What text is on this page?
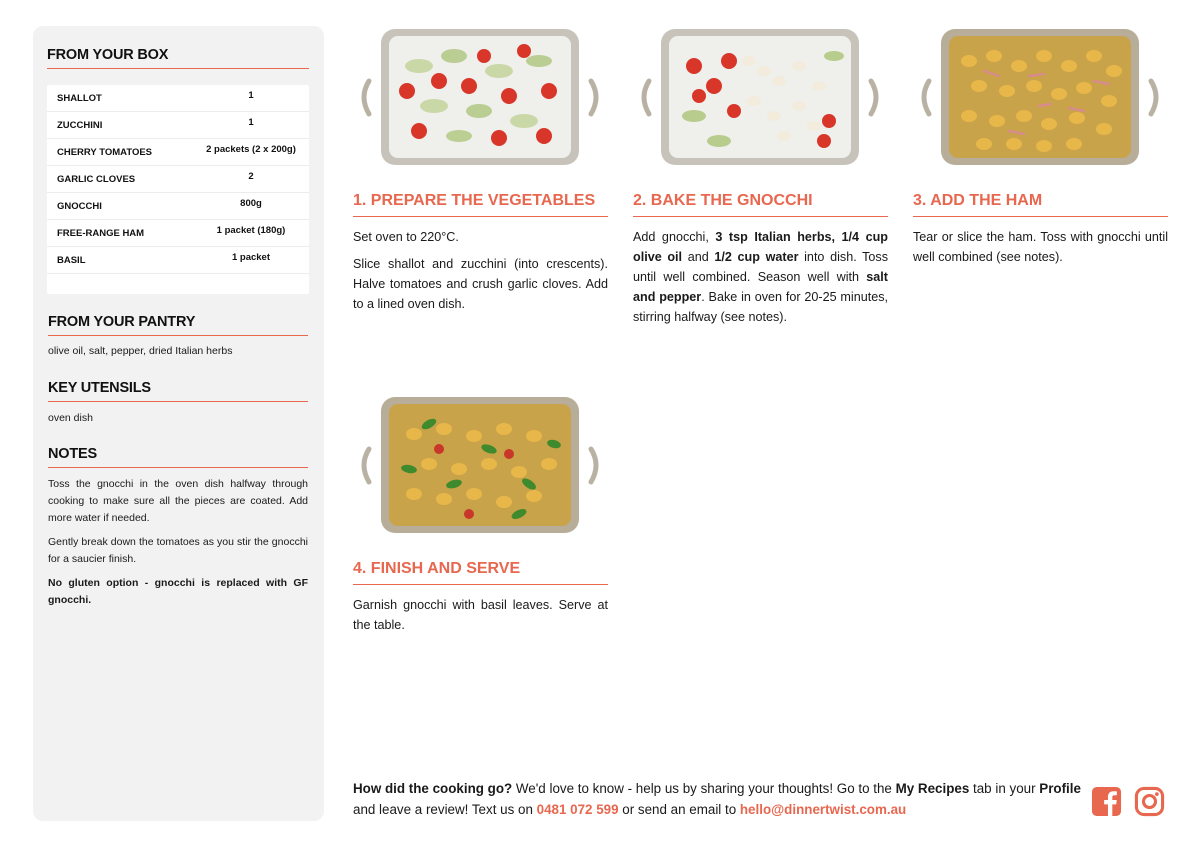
FROM YOUR BOX
SHALLOT	1
ZUCCHINI	1
CHERRY TOMATOES	2 packets (2 x 200g)
GARLIC CLOVES	2
GNOCCHI	800g
FREE-RANGE HAM	1 packet (180g)
BASIL	1 packet
FROM YOUR PANTRY
olive oil, salt, pepper, dried Italian herbs
KEY UTENSILS
oven dish
NOTES

Toss the gnocchi in the oven dish halfway through cooking to make sure all the pieces are coated. Add more water if needed.

Gently break down the tomatoes as you stir the gnocchi for a saucier finish.

No gluten option - gnocchi is replaced with GF gnocchi.

1. PREPARE THE VEGETABLES

Set oven to 220°C.

Slice shallot and zucchini (into crescents). Halve tomatoes and crush garlic cloves. Add to a lined oven dish.

2. BAKE THE GNOCCHI

Add gnocchi, 3 tsp Italian herbs, 1/4 cup olive oil and 1/2 cup water into dish. Toss until well combined. Season well with salt and pepper. Bake in oven for 20-25 minutes, stirring halfway (see notes).

3. ADD THE HAM

Tear or slice the ham. Toss with gnocchi until well combined (see notes).

4. FINISH AND SERVE

Garnish gnocchi with basil leaves. Serve at the table.

How did the cooking go? We'd love to know - help us by sharing your thoughts! Go to the My Recipes tab in your Profile and leave a review! Text us on 0481 072 599 or send an email to hello@dinnertwist.com.au
